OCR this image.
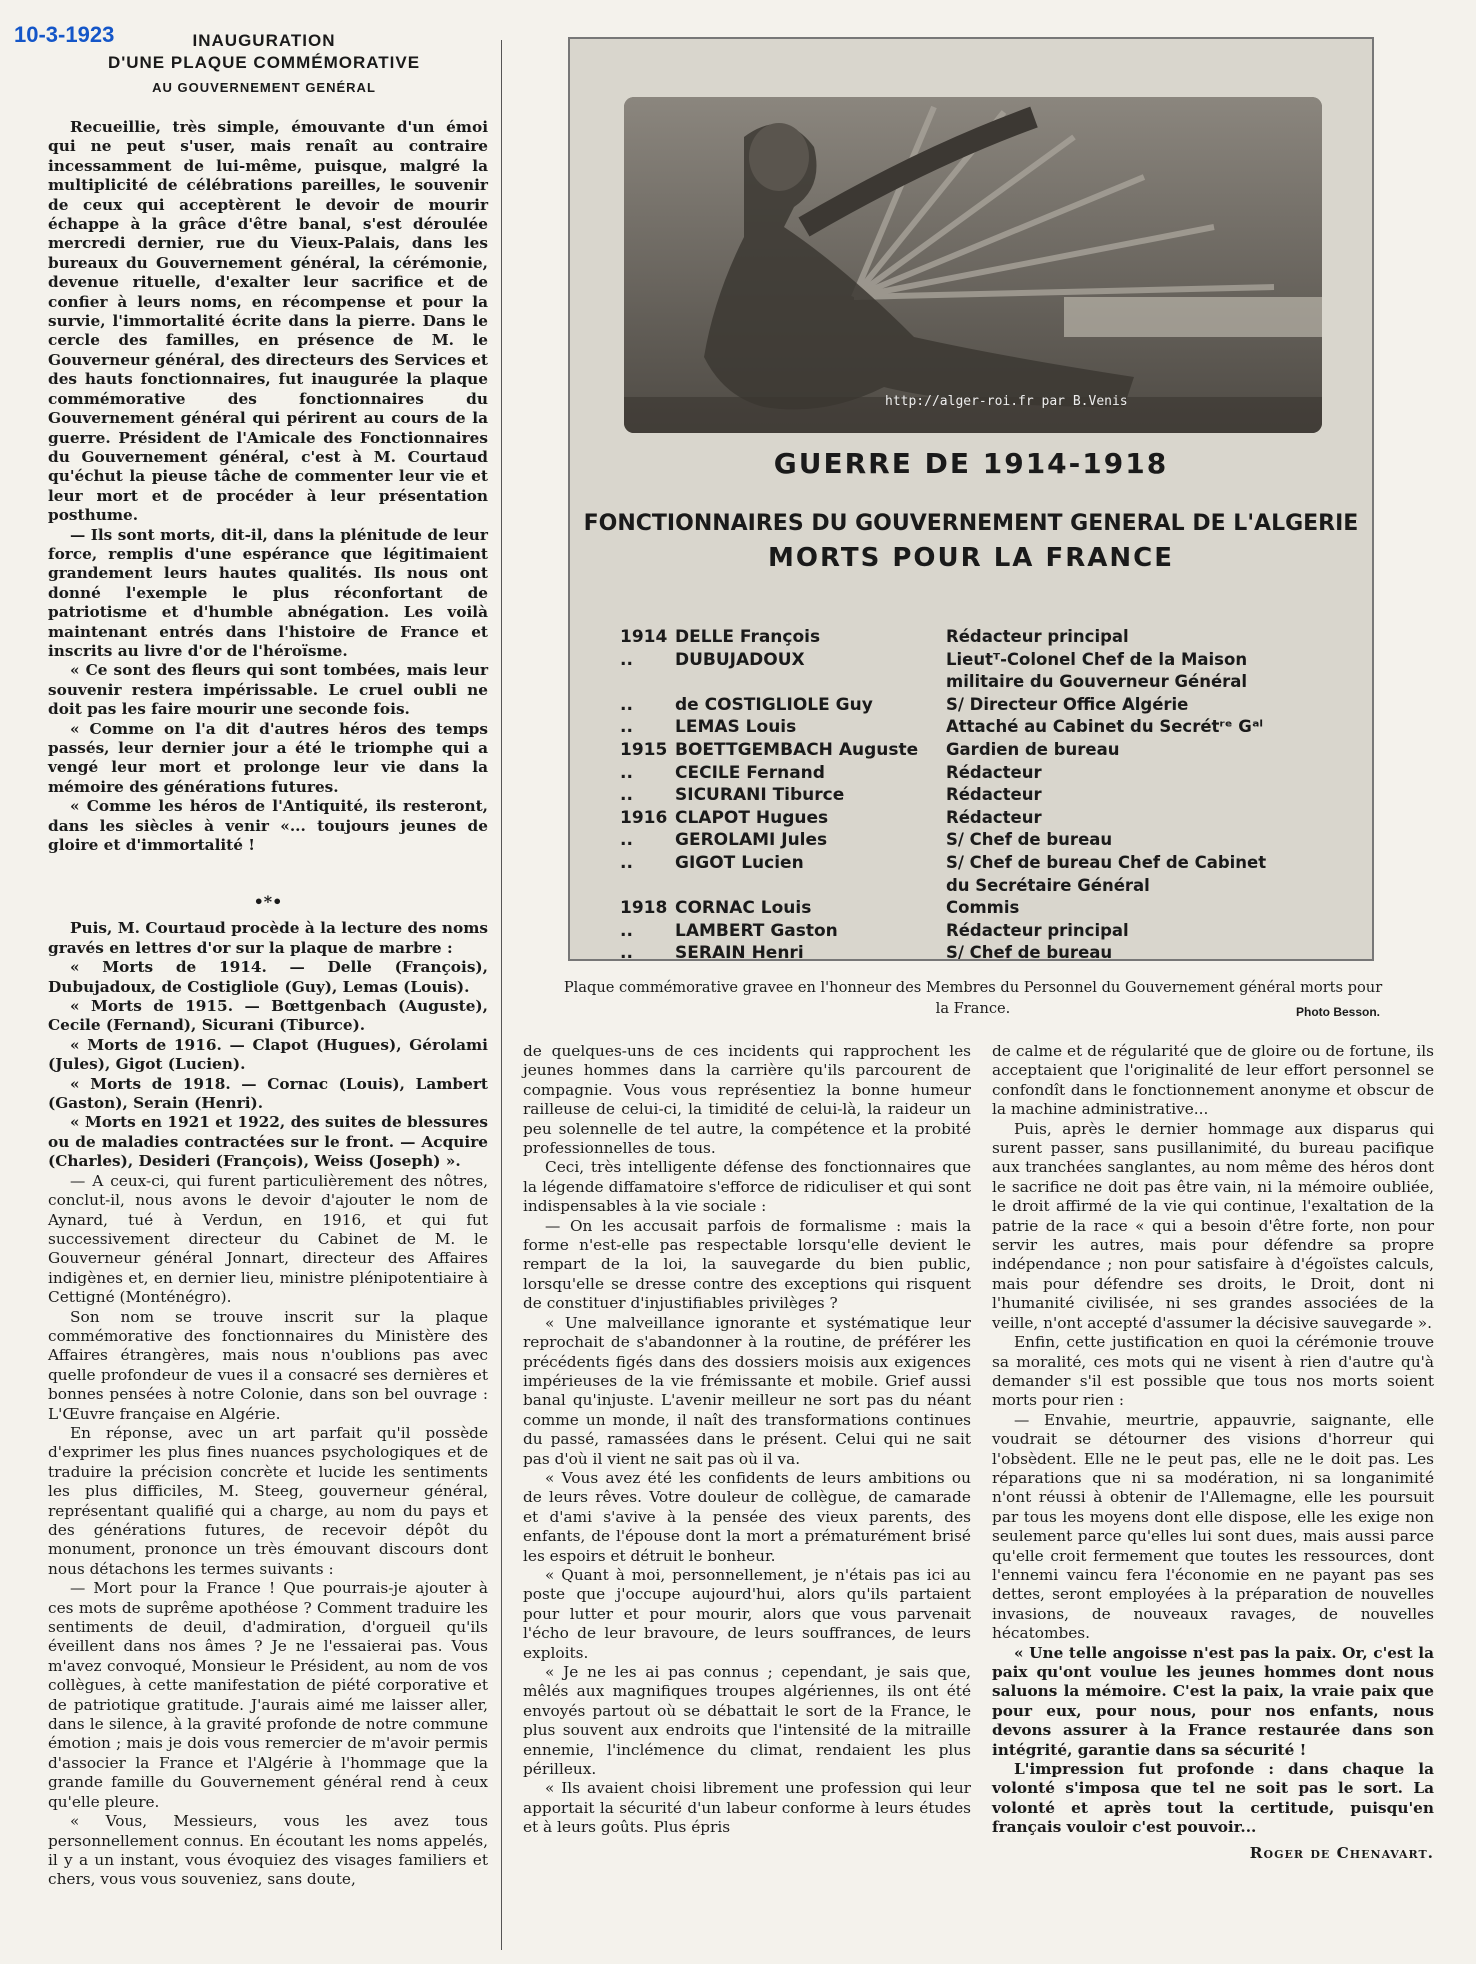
10-3-1923	INAUGURATION
D'UNE PLAQUE COMMÉMORATIVE
AU GOUVERNEMENT GENÉRAL

Recueillie, très simple, émouvante d'un émoi qui ne peut s'user, mais renaît au contraire incessamment de lui-même, puisque, malgré la multiplicité de célébrations pareilles, le souvenir de ceux qui acceptèrent le devoir de mourir échappe à la grâce d'être banal, s'est déroulée mercredi dernier, rue du Vieux-Palais, dans les bureaux du Gouvernement général, la cérémonie, devenue rituelle, d'exalter leur sacrifice et de confier à leurs noms, en récompense et pour la survie, l'immortalité écrite dans la pierre. Dans le cercle des familles, en présence de M. le Gouverneur général, des directeurs des Services et des hauts fonctionnaires, fut inaugurée la plaque commémorative des fonctionnaires du Gouvernement général qui périrent au cours de la guerre. Président de l'Amicale des Fonctionnaires du Gouvernement général, c'est à M. Courtaud qu'échut la pieuse tâche de commenter leur vie et leur mort et de procéder à leur présentation posthume.

— Ils sont morts, dit-il, dans la plénitude de leur force, remplis d'une espérance que légitimaient grandement leurs hautes qualités. Ils nous ont donné l'exemple le plus réconfortant de patriotisme et d'humble abnégation. Les voilà maintenant entrés dans l'histoire de France et inscrits au livre d'or de l'héroïsme.

« Ce sont des fleurs qui sont tombées, mais leur souvenir restera impérissable. Le cruel oubli ne doit pas les faire mourir une seconde fois.

« Comme on l'a dit d'autres héros des temps passés, leur dernier jour a été le triomphe qui a vengé leur mort et prolonge leur vie dans la mémoire des générations futures.

« Comme les héros de l'Antiquité, ils resteront, dans les siècles à venir «... toujours jeunes de gloire et d'immortalité !

•*•

Puis, M. Courtaud procède à la lecture des noms gravés en lettres d'or sur la plaque de marbre :

« Morts de 1914. — Delle (François), Dubujadoux, de Costigliole (Guy), Lemas (Louis).

« Morts de 1915. — Bœttgenbach (Auguste), Cecile (Fernand), Sicurani (Tiburce).

« Morts de 1916. — Clapot (Hugues), Gérolami (Jules), Gigot (Lucien).

« Morts de 1918. — Cornac (Louis), Lambert (Gaston), Serain (Henri).

« Morts en 1921 et 1922, des suites de blessures ou de maladies contractées sur le front. — Acquire (Charles), Desideri (François), Weiss (Joseph) ».

— A ceux-ci, qui furent particulièrement des nôtres, conclut-il, nous avons le devoir d'ajouter le nom de Aynard, tué à Verdun, en 1916, et qui fut successivement directeur du Cabinet de M. le Gouverneur général Jonnart, directeur des Affaires indigènes et, en dernier lieu, ministre plénipotentiaire à Cettigné (Monténégro).

Son nom se trouve inscrit sur la plaque commémorative des fonctionnaires du Ministère des Affaires étrangères, mais nous n'oublions pas avec quelle profondeur de vues il a consacré ses dernières et bonnes pensées à notre Colonie, dans son bel ouvrage : L'Œuvre française en Algérie.

En réponse, avec un art parfait qu'il possède d'exprimer les plus fines nuances psychologiques et de traduire la précision concrète et lucide les sentiments les plus difficiles, M. Steeg, gouverneur général, représentant qualifié qui a charge, au nom du pays et des générations futures, de recevoir dépôt du monument, prononce un très émouvant discours dont nous détachons les termes suivants :

— Mort pour la France ! Que pourrais-je ajouter à ces mots de suprême apothéose ? Comment traduire les sentiments de deuil, d'admiration, d'orgueil qu'ils éveillent dans nos âmes ? Je ne l'essaierai pas. Vous m'avez convoqué, Monsieur le Président, au nom de vos collègues, à cette manifestation de piété corporative et de patriotique gratitude. J'aurais aimé me laisser aller, dans le silence, à la gravité profonde de notre commune émotion ; mais je dois vous remercier de m'avoir permis d'associer la France et l'Algérie à l'hommage que la grande famille du Gouvernement général rend à ceux qu'elle pleure.

« Vous, Messieurs, vous les avez tous personnellement connus. En écoutant les noms appelés, il y a un instant, vous évoquiez des visages familiers et chers, vous vous souveniez, sans doute,

http://alger-roi.fr par B.Venis
GUERRE DE 1914-1918
FONCTIONNAIRES DU GOUVERNEMENT GENERAL DE L'ALGERIE
MORTS POUR LA FRANCE
1914 DELLE François	Rédacteur principal
..	DUBUJADOUX	Lieutᵀ-Colonel Chef de la Maison
militaire du Gouverneur Général
..	de COSTIGLIOLE Guy	S/ Directeur Office Algérie
..	LEMAS Louis	Attaché au Cabinet du Secrétʳᵉ Gᵃˡ
1915 BOETTGEMBACH Auguste	Gardien de bureau
..	CECILE Fernand	Rédacteur
..	SICURANI Tiburce	Rédacteur
1916 CLAPOT Hugues	Rédacteur
..	GEROLAMI Jules	S/ Chef de bureau
..	GIGOT Lucien	S/ Chef de bureau Chef de Cabinet
du Secrétaire Général
1918 CORNAC Louis	Commis
..	LAMBERT Gaston	Rédacteur principal
..	SERAIN Henri	S/ Chef de bureau
Plaque commémorative gravee en l'honneur des Membres du Personnel du Gouvernement général morts pour la France.	Photo Besson.

de quelques-uns de ces incidents qui rapprochent les jeunes hommes dans la carrière qu'ils parcourent de compagnie. Vous vous représentiez la bonne humeur railleuse de celui-ci, la timidité de celui-là, la raideur un peu solennelle de tel autre, la compétence et la probité professionnelles de tous.

Ceci, très intelligente défense des fonctionnaires que la légende diffamatoire s'efforce de ridiculiser et qui sont indispensables à la vie sociale :

— On les accusait parfois de formalisme : mais la forme n'est-elle pas respectable lorsqu'elle devient le rempart de la loi, la sauvegarde du bien public, lorsqu'elle se dresse contre des exceptions qui risquent de constituer d'injustifiables privilèges ?

« Une malveillance ignorante et systématique leur reprochait de s'abandonner à la routine, de préférer les précédents figés dans des dossiers moisis aux exigences impérieuses de la vie frémissante et mobile. Grief aussi banal qu'injuste. L'avenir meilleur ne sort pas du néant comme un monde, il naît des transformations continues du passé, ramassées dans le présent. Celui qui ne sait pas d'où il vient ne sait pas où il va.

« Vous avez été les confidents de leurs ambitions ou de leurs rêves. Votre douleur de collègue, de camarade et d'ami s'avive à la pensée des vieux parents, des enfants, de l'épouse dont la mort a prématurément brisé les espoirs et détruit le bonheur.

« Quant à moi, personnellement, je n'étais pas ici au poste que j'occupe aujourd'hui, alors qu'ils partaient pour lutter et pour mourir, alors que vous parvenait l'écho de leur bravoure, de leurs souffrances, de leurs exploits.

« Je ne les ai pas connus ; cependant, je sais que, mêlés aux magnifiques troupes algériennes, ils ont été envoyés partout où se débattait le sort de la France, le plus souvent aux endroits que l'intensité de la mitraille ennemie, l'inclémence du climat, rendaient les plus périlleux.

« Ils avaient choisi librement une profession qui leur apportait la sécurité d'un labeur conforme à leurs études et à leurs goûts. Plus épris

de calme et de régularité que de gloire ou de fortune, ils acceptaient que l'originalité de leur effort personnel se confondît dans le fonctionnement anonyme et obscur de la machine administrative...

Puis, après le dernier hommage aux disparus qui surent passer, sans pusillanimité, du bureau pacifique aux tranchées sanglantes, au nom même des héros dont le sacrifice ne doit pas être vain, ni la mémoire oubliée, le droit affirmé de la vie qui continue, l'exaltation de la patrie de la race « qui a besoin d'être forte, non pour servir les autres, mais pour défendre sa propre indépendance ; non pour satisfaire à d'égoïstes calculs, mais pour défendre ses droits, le Droit, dont ni l'humanité civilisée, ni ses grandes associées de la veille, n'ont accepté d'assumer la décisive sauvegarde ».

Enfin, cette justification en quoi la cérémonie trouve sa moralité, ces mots qui ne visent à rien d'autre qu'à demander s'il est possible que tous nos morts soient morts pour rien :

— Envahie, meurtrie, appauvrie, saignante, elle voudrait se détourner des visions d'horreur qui l'obsèdent. Elle ne le peut pas, elle ne le doit pas. Les réparations que ni sa modération, ni sa longanimité n'ont réussi à obtenir de l'Allemagne, elle les poursuit par tous les moyens dont elle dispose, elle les exige non seulement parce qu'elles lui sont dues, mais aussi parce qu'elle croit fermement que toutes les ressources, dont l'ennemi vaincu fera l'économie en ne payant pas ses dettes, seront employées à la préparation de nouvelles invasions, de nouveaux ravages, de nouvelles hécatombes.

« Une telle angoisse n'est pas la paix. Or, c'est la paix qu'ont voulue les jeunes hommes dont nous saluons la mémoire. C'est la paix, la vraie paix que pour eux, pour nous, pour nos enfants, nous devons assurer à la France restaurée dans son intégrité, garantie dans sa sécurité !

L'impression fut profonde : dans chaque la volonté s'imposa que tel ne soit pas le sort. La volonté et après tout la certitude, puisqu'en français vouloir c'est pouvoir...

Roger de Chenavart.
